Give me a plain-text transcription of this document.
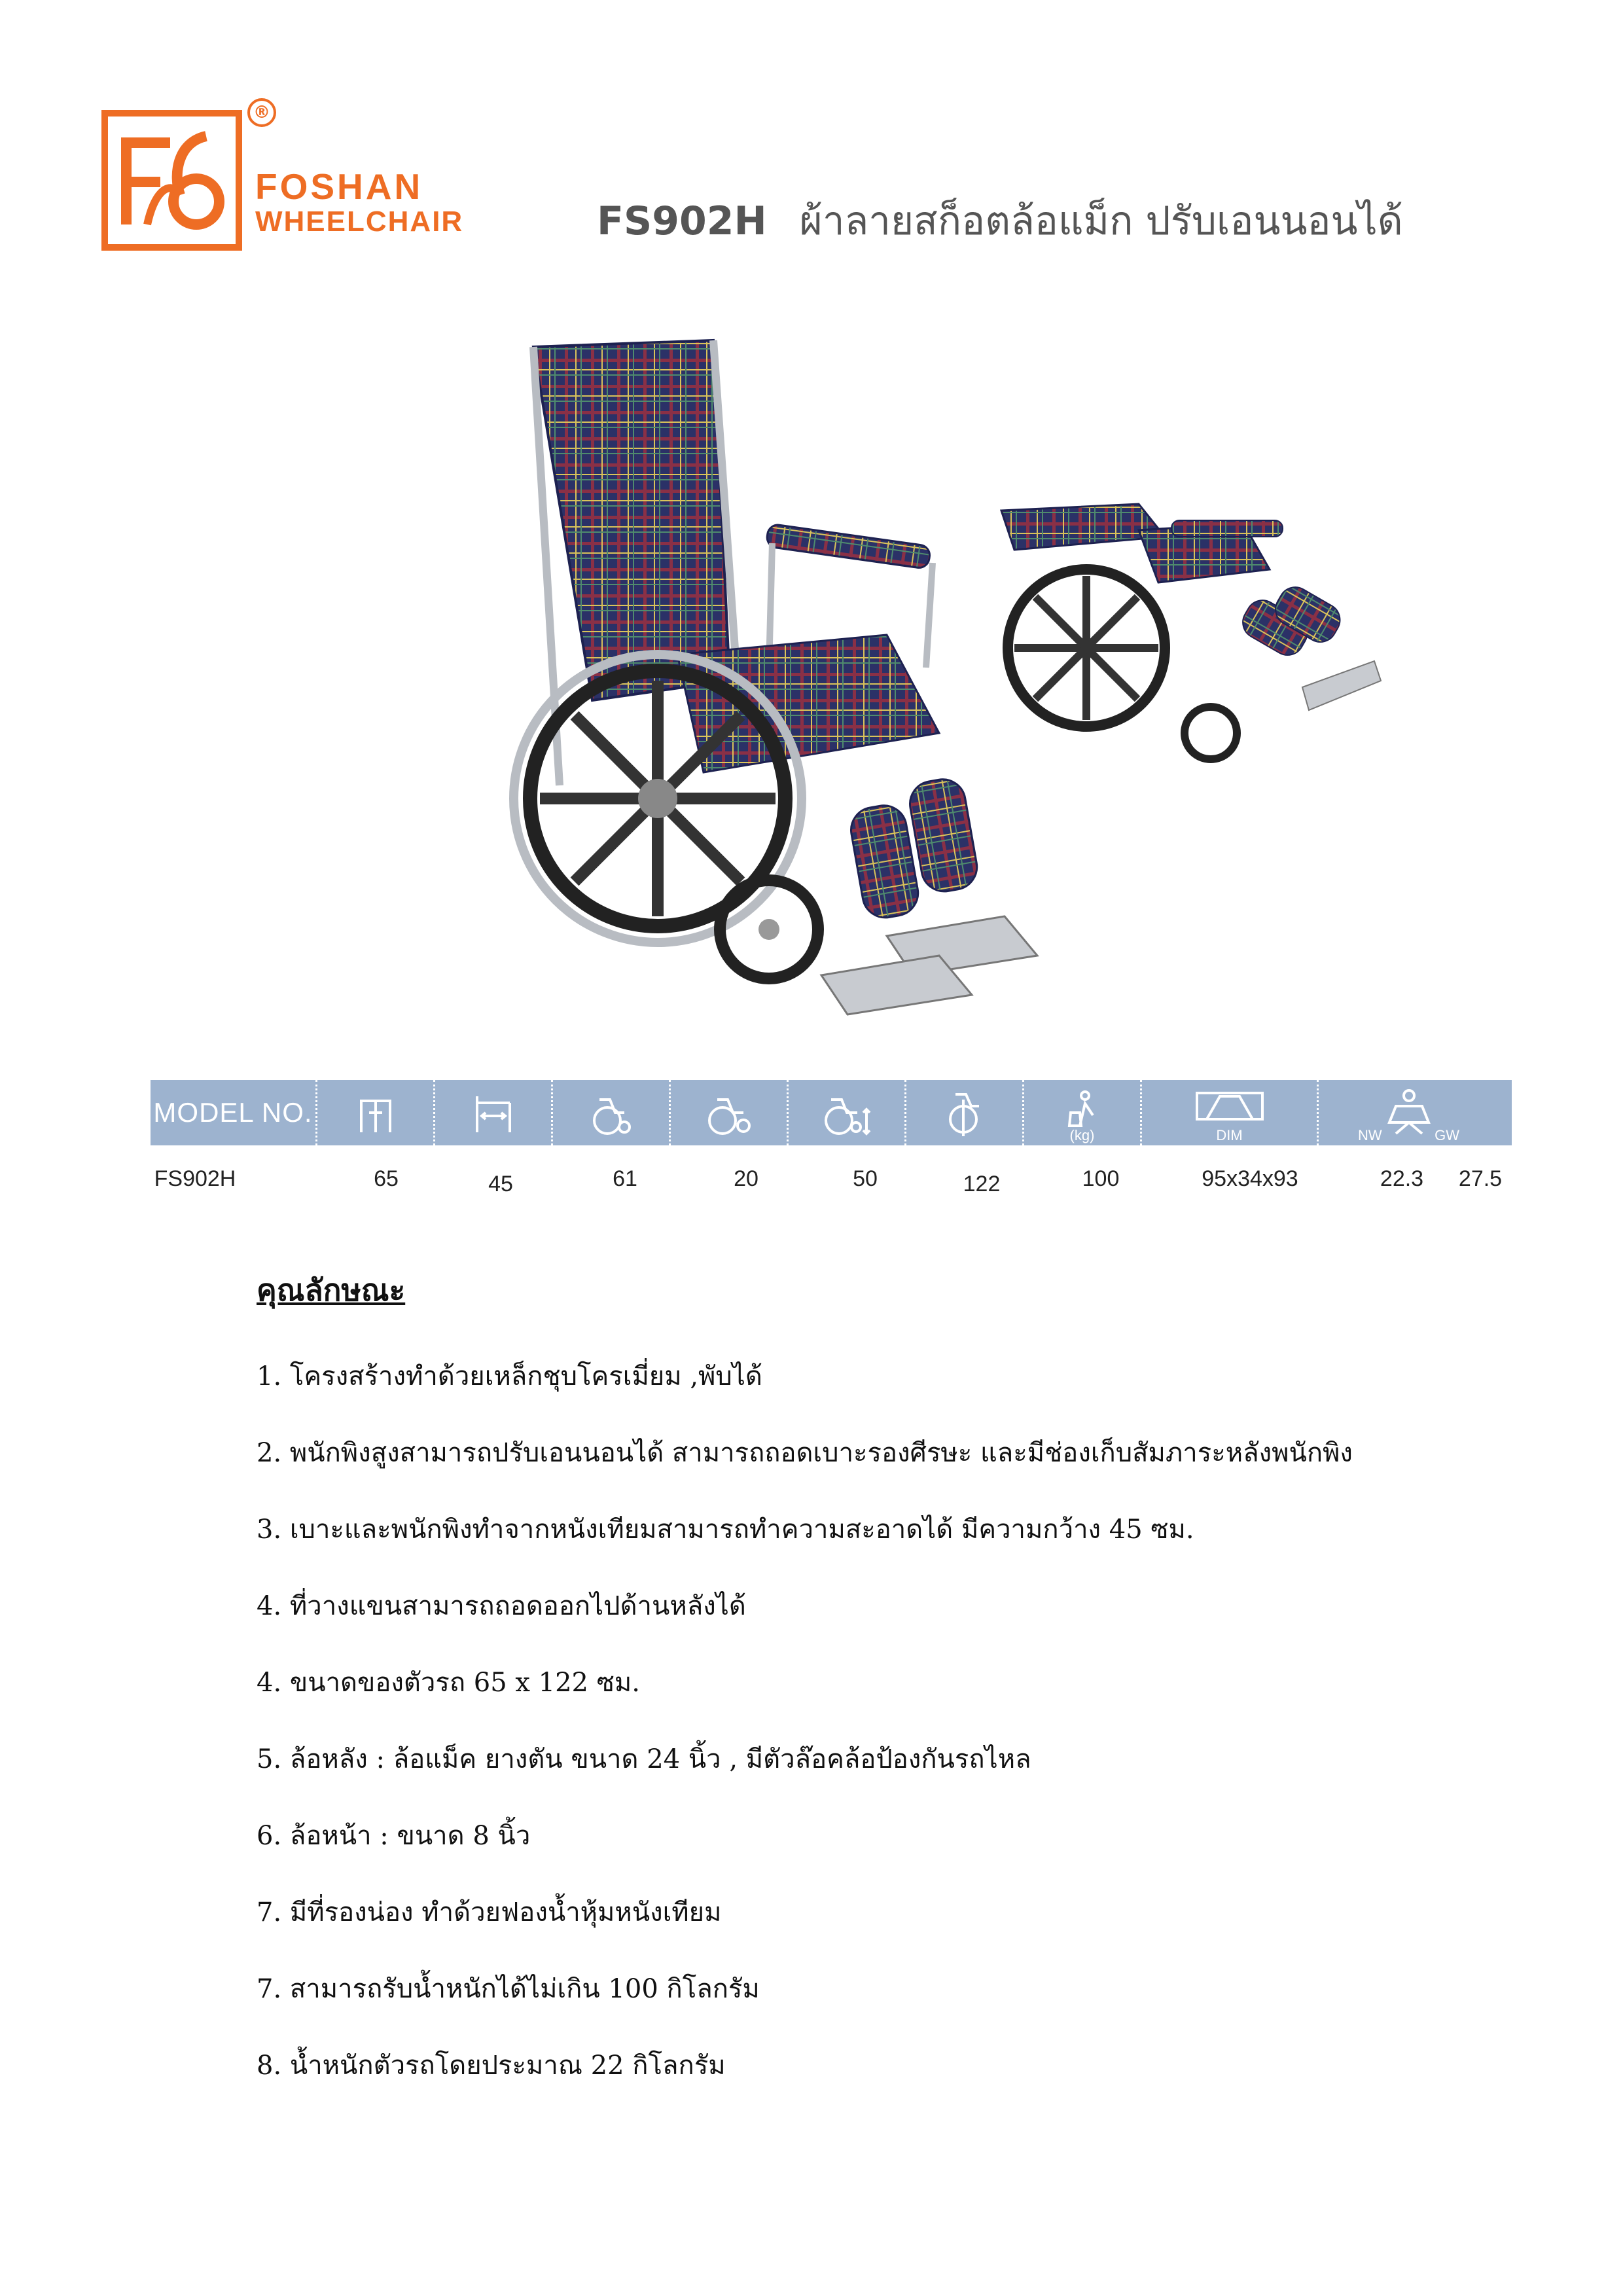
®
FOSHAN
WHEELCHAIR	FS902H ผ้าลายสก็อตล้อแม็ก ปรับเอนนอนได้
MODEL NO.
(kg)	DIM	NW	GW
FS902H	65	45	61	20	50	122	100	95x34x93	22.3 27.5
คุณลักษณะ
1. โครงสร้างทำด้วยเหล็กชุบโครเมี่ยม ,พับได้
2. พนักพิงสูงสามารถปรับเอนนอนได้ สามารถถอดเบาะรองศีรษะ และมีช่องเก็บสัมภาระหลังพนักพิง
3. เบาะและพนักพิงทำจากหนังเทียมสามารถทำความสะอาดได้ มีความกว้าง 45 ซม.
4. ที่วางแขนสามารถถอดออกไปด้านหลังได้
4. ขนาดของตัวรถ 65 x 122 ซม.
5. ล้อหลัง : ล้อแม็ค ยางตัน ขนาด 24 นิ้ว , มีตัวล๊อคล้อป้องกันรถไหล
6. ล้อหน้า : ขนาด 8 นิ้ว
7. มีที่รองน่อง ทำด้วยฟองน้ำหุ้มหนังเทียม
7. สามารถรับน้ำหนักได้ไม่เกิน 100 กิโลกรัม
8. น้ำหนักตัวรถโดยประมาณ 22 กิโลกรัม
